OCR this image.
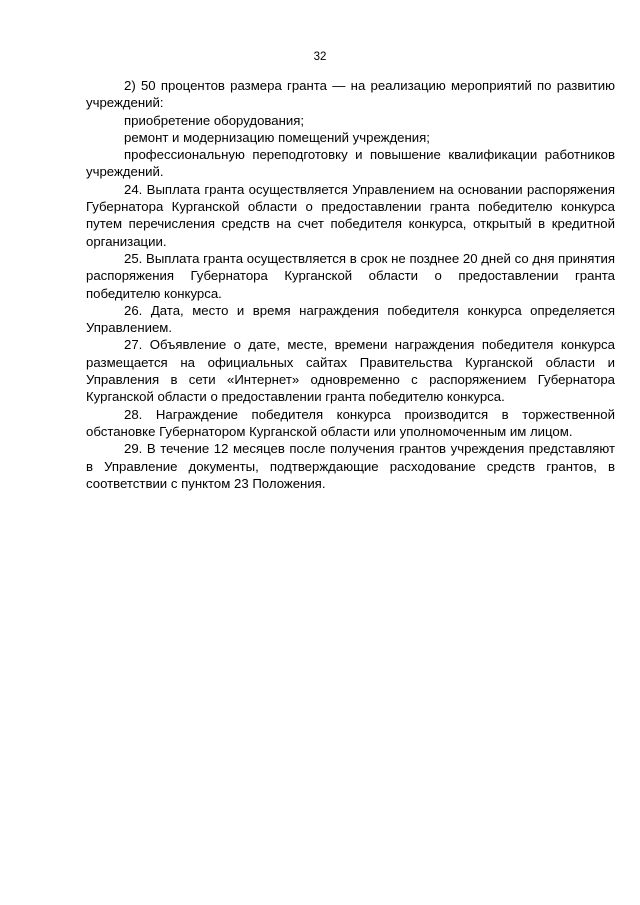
32

2) 50 процентов размера гранта — на реализацию мероприятий по развитию учреждений:

приобретение оборудования;

ремонт и модернизацию помещений учреждения;

профессиональную переподготовку и повышение квалификации работников учреждений.

24. Выплата гранта осуществляется Управлением на основании распоряжения Губернатора Курганской области о предоставлении гранта победителю конкурса путем перечисления средств на счет победителя конкурса, открытый в кредитной организации.

25. Выплата гранта осуществляется в срок не позднее 20 дней со дня принятия распоряжения Губернатора Курганской области о предоставлении гранта победителю конкурса.

26. Дата, место и время награждения победителя конкурса определяется Управлением.

27. Объявление о дате, месте, времени награждения победителя конкурса размещается на официальных сайтах Правительства Курганской области и Управления в сети «Интернет» одновременно с распоряжением Губернатора Курганской области о предоставлении гранта победителю конкурса.

28. Награждение победителя конкурса производится в торжественной обстановке Губернатором Курганской области или уполномоченным им лицом.

29. В течение 12 месяцев после получения грантов учреждения представляют в Управление документы, подтверждающие расходование средств грантов, в соответствии с пунктом 23 Положения.
